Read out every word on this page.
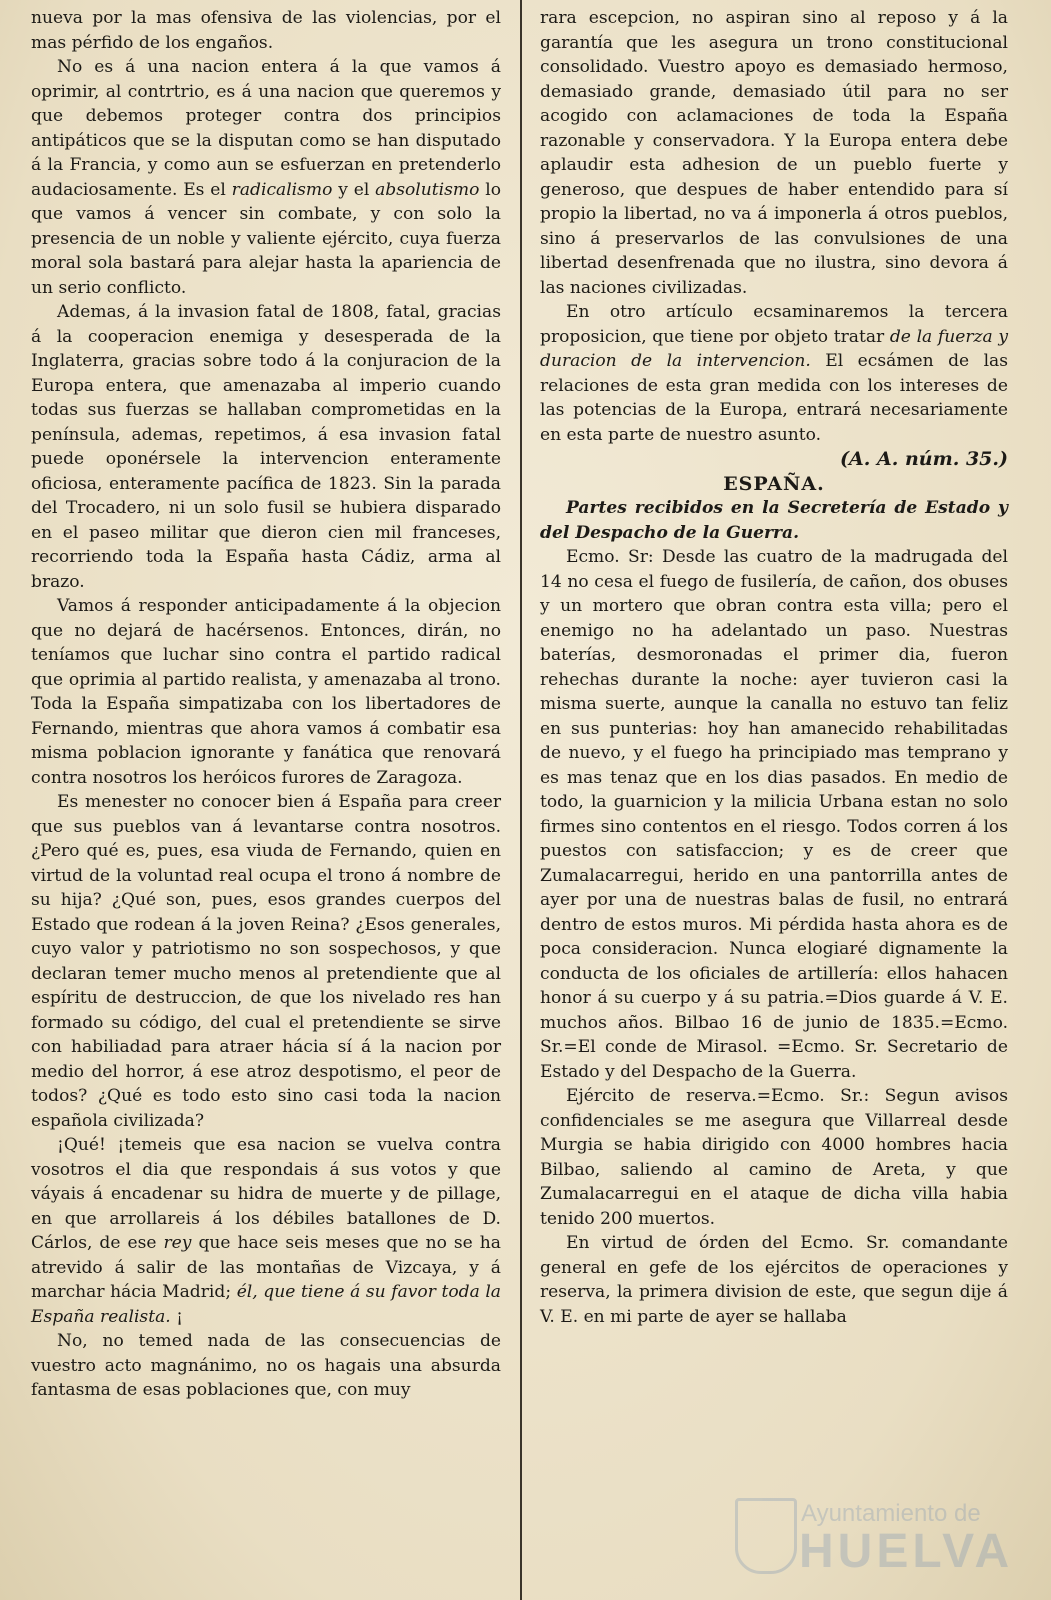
nueva por la mas ofensiva de las violencias, por el mas pérfido de los engaños.

No es á una nacion entera á la que vamos á oprimir, al contrtrio, es á una nacion que queremos y que debemos proteger contra dos principios antipáticos que se la disputan como se han disputado á la Francia, y como aun se esfuerzan en pretenderlo audaciosamente. Es el radicalismo y el absolutismo lo que vamos á vencer sin combate, y con solo la presencia de un noble y valiente ejército, cuya fuerza moral sola bastará para alejar hasta la apariencia de un serio conflicto.

Ademas, á la invasion fatal de 1808, fatal, gracias á la cooperacion enemiga y desesperada de la Inglaterra, gracias sobre todo á la conjuracion de la Europa entera, que amenazaba al imperio cuando todas sus fuerzas se hallaban comprometidas en la península, ademas, repetimos, á esa invasion fatal puede oponérsele la intervencion enteramente oficiosa, enteramente pacífica de 1823. Sin la parada del Trocadero, ni un solo fusil se hubiera disparado en el paseo militar que dieron cien mil franceses, recorriendo toda la España hasta Cádiz, arma al brazo.

Vamos á responder anticipadamente á la objecion que no dejará de hacérsenos. Entonces, dirán, no teníamos que luchar sino contra el partido radical que oprimia al partido realista, y amenazaba al trono. Toda la España simpatizaba con los libertadores de Fernando, mientras que ahora vamos á combatir esa misma poblacion ignorante y fanática que renovará contra nosotros los heróicos furores de Zaragoza.

Es menester no conocer bien á España para creer que sus pueblos van á levantarse contra nosotros. ¿Pero qué es, pues, esa viuda de Fernando, quien en virtud de la voluntad real ocupa el trono á nombre de su hija? ¿Qué son, pues, esos grandes cuerpos del Estado que rodean á la joven Reina? ¿Esos generales, cuyo valor y patriotismo no son sospechosos, y que declaran temer mucho menos al pretendiente que al espíritu de destruccion, de que los nivelado res han formado su código, del cual el pretendiente se sirve con habiliadad para atraer hácia sí á la nacion por medio del horror, á ese atroz despotismo, el peor de todos? ¿Qué es todo esto sino casi toda la nacion española civilizada?

¡Qué! ¡temeis que esa nacion se vuelva contra vosotros el dia que respondais á sus votos y que váyais á encadenar su hidra de muerte y de pillage, en que arrollareis á los débiles batallones de D. Cárlos, de ese rey que hace seis meses que no se ha atrevido á salir de las montañas de Vizcaya, y á marchar hácia Madrid; él, que tiene á su favor toda la España realista. ¡

No, no temed nada de las consecuencias de vuestro acto magnánimo, no os hagais una absurda fantasma de esas poblaciones que, con muy

rara escepcion, no aspiran sino al reposo y á la garantía que les asegura un trono constitucional consolidado. Vuestro apoyo es demasiado hermoso, demasiado grande, demasiado útil para no ser acogido con aclamaciones de toda la España razonable y conservadora. Y la Europa entera debe aplaudir esta adhesion de un pueblo fuerte y generoso, que despues de haber entendido para sí propio la libertad, no va á imponerla á otros pueblos, sino á preservarlos de las convulsiones de una libertad desenfrenada que no ilustra, sino devora á las naciones civilizadas.

En otro artículo ecsaminaremos la tercera proposicion, que tiene por objeto tratar de la fuerza y duracion de la intervencion. El ecsámen de las relaciones de esta gran medida con los intereses de las potencias de la Europa, entrará necesariamente en esta parte de nuestro asunto.

(A. A. núm. 35.)

ESPAÑA.

Partes recibidos en la Secretería de Estado y del Despacho de la Guerra.

Ecmo. Sr: Desde las cuatro de la madrugada del 14 no cesa el fuego de fusilería, de cañon, dos obuses y un mortero que obran contra esta villa; pero el enemigo no ha adelantado un paso. Nuestras baterías, desmoronadas el primer dia, fueron rehechas durante la noche: ayer tuvieron casi la misma suerte, aunque la canalla no estuvo tan feliz en sus punterias: hoy han amanecido rehabilitadas de nuevo, y el fuego ha principiado mas temprano y es mas tenaz que en los dias pasados. En medio de todo, la guarnicion y la milicia Urbana estan no solo firmes sino contentos en el riesgo. Todos corren á los puestos con satisfaccion; y es de creer que Zumalacarregui, herido en una pantorrilla antes de ayer por una de nuestras balas de fusil, no entrará dentro de estos muros. Mi pérdida hasta ahora es de poca consideracion. Nunca elogiaré dignamente la conducta de los oficiales de artillería: ellos hahacen honor á su cuerpo y á su patria.=Dios guarde á V. E. muchos años. Bilbao 16 de junio de 1835.=Ecmo. Sr.=El conde de Mirasol. =Ecmo. Sr. Secretario de Estado y del Despacho de la Guerra.

Ejército de reserva.=Ecmo. Sr.: Segun avisos confidenciales se me asegura que Villarreal desde Murgia se habia dirigido con 4000 hombres hacia Bilbao, saliendo al camino de Areta, y que Zumalacarregui en el ataque de dicha villa habia tenido 200 muertos.

En virtud de órden del Ecmo. Sr. comandante general en gefe de los ejércitos de operaciones y reserva, la primera division de este, que segun dije á V. E. en mi parte de ayer se hallaba

Ayuntamiento de
HUELVA
